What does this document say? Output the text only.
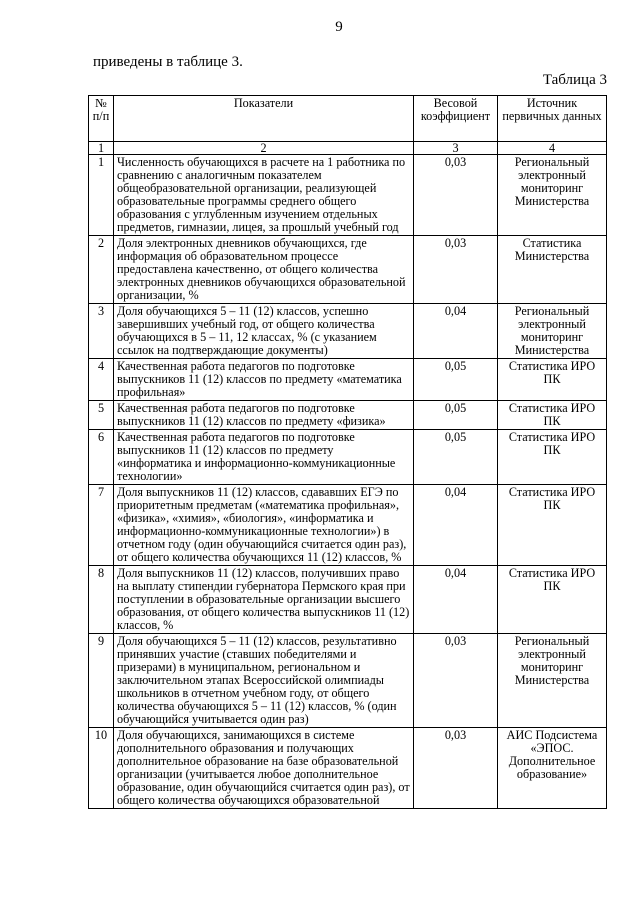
9
приведены в таблице 3.
Таблица 3
№ п/п	Показатели	Весовой коэффициент	Источник первичных данных
1	2	3	4
1	Численность обучающихся в расчете на 1 работника по сравнению с аналогичным показателем общеобразовательной организации, реализующей образовательные программы среднего общего образования с углубленным изучением отдельных предметов, гимназии, лицея, за прошлый учебный год	0,03	Региональный электронный мониторинг Министерства
2	Доля электронных дневников обучающихся, где информация об образовательном процессе предоставлена качественно, от общего количества электронных дневников обучающихся образовательной организации, %	0,03	Статистика Министерства
3	Доля обучающихся 5 – 11 (12) классов, успешно завершивших учебный год, от общего количества обучающихся в 5 – 11, 12 классах, % (с указанием ссылок на подтверждающие документы)	0,04	Региональный электронный мониторинг Министерства
4	Качественная работа педагогов по подготовке выпускников 11 (12) классов по предмету «математика профильная»	0,05	Статистика ИРО ПК
5	Качественная работа педагогов по подготовке выпускников 11 (12) классов по предмету «физика»	0,05	Статистика ИРО ПК
6	Качественная работа педагогов по подготовке выпускников 11 (12) классов по предмету «информатика и информационно-коммуникационные технологии»	0,05	Статистика ИРО ПК
7	Доля выпускников 11 (12) классов, сдававших ЕГЭ по приоритетным предметам («математика профильная», «физика», «химия», «биология», «информатика и информационно-коммуникационные технологии») в отчетном году (один обучающийся считается один раз), от общего количества обучающихся 11 (12) классов, %	0,04	Статистика ИРО ПК
8	Доля выпускников 11 (12) классов, получивших право на выплату стипендии губернатора Пермского края при поступлении в образовательные организации высшего образования, от общего количества выпускников 11 (12) классов, %	0,04	Статистика ИРО ПК
9	Доля обучающихся 5 – 11 (12) классов, результативно принявших участие (ставших победителями и призерами) в муниципальном, региональном и заключительном этапах Всероссийской олимпиады школьников в отчетном учебном году, от общего количества обучающихся 5 – 11 (12) классов, % (один обучающийся учитывается один раз)	0,03	Региональный электронный мониторинг Министерства
10	Доля обучающихся, занимающихся в системе дополнительного образования и получающих дополнительное образование на базе образовательной организации (учитывается любое дополнительное образование, один обучающийся считается один раз), от общего количества обучающихся образовательной	0,03	АИС Подсистема «ЭПОС. Дополнительное образование»
